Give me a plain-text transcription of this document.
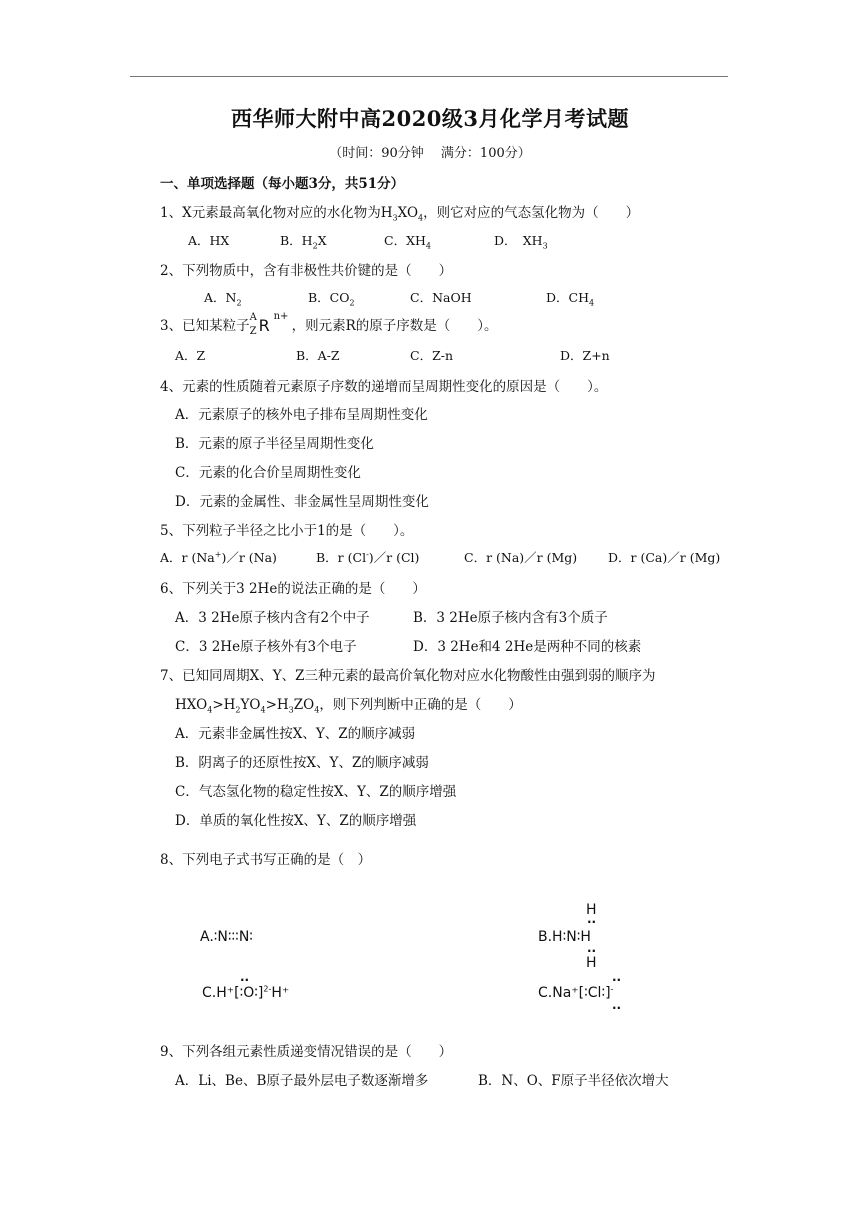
西华师大附中高2020级3月化学月考试题
（时间：90分钟　 满分：100分）
一、单项选择题（每小题3分，共51分）
1、X元素最高氧化物对应的水化物为$H_3XO_4$，则它对应的气态氢化物为（　　）
A．HX	B．$H_2X$	C．$XH_4$	D．　$XH_3$
2、下列物质中，含有非极性共价键的是（　　）
A．$N_2$	B．$CO_2$	C．NaOH	D．$CH_4$
3、已知某粒子
A
Z R n+
，则元素R的原子序数是（　　）。
A．Z	B．A-Z	C．Z-n	D．Z+n
4、元素的性质随着元素原子序数的递增而呈周期性变化的原因是（　　）。
A．元素原子的核外电子排布呈周期性变化
B．元素的原子半径呈周期性变化
C．元素的化合价呈周期性变化
D．元素的金属性、非金属性呈周期性变化
5、下列粒子半径之比小于1的是（　　）。
A．r (Na+)／r (Na)	B．r (Cl-)／r (Cl)	C．r (Na)／r (Mg) D．r (Ca)／r (Mg)
6、下列关于3 2He的说法正确的是（　　）
A．3 2He原子核内含有2个中子	B．3 2He原子核内含有3个质子
C．3 2He原子核外有3个电子	D．3 2He和4 2He是两种不同的核素
7、已知同周期X、Y、Z三种元素的最高价氧化物对应水化物酸性由强到弱的顺序为
$HXO_4>H_2YO_4>H_3ZO_4$，则下列判断中正确的是（　　）
A．元素非金属性按X、Y、Z的顺序减弱
B．阴离子的还原性按X、Y、Z的顺序减弱
C．气态氢化物的稳定性按X、Y、Z的顺序增强
D．单质的氧化性按X、Y、Z的顺序增强
8、下列电子式书写正确的是（　）
A.∶N∶∶∶N∶
H
··
B.H∶N∶H
··
H
··
C.H⁺[∶O∶]$^{2-}$H⁺
··
C.Na⁺[∶Cl∶]-
··
9、下列各组元素性质递变情况错误的是（　　）
A．Li、Be、B原子最外层电子数逐渐增多	B．N、O、F原子半径依次增大
